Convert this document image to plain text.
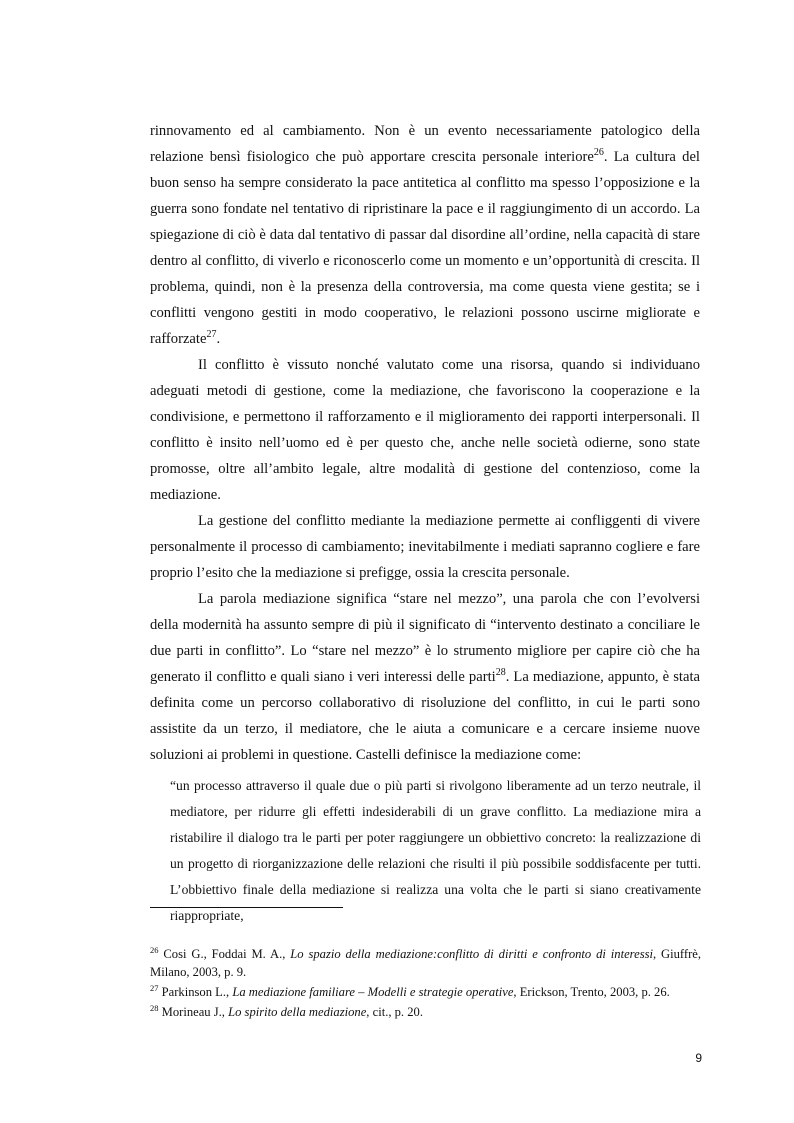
rinnovamento ed al cambiamento. Non è un evento necessariamente patologico della relazione bensì fisiologico che può apportare crescita personale interiore$^{26}$. La cultura del buon senso ha sempre considerato la pace antitetica al conflitto ma spesso l’opposizione e la guerra sono fondate nel tentativo di ripristinare la pace e il raggiungimento di un accordo. La spiegazione di ciò è data dal tentativo di passar dal disordine all’ordine, nella capacità di stare dentro al conflitto, di viverlo e riconoscerlo come un momento e un’opportunità di crescita. Il problema, quindi, non è la presenza della controversia, ma come questa viene gestita; se i conflitti vengono gestiti in modo cooperativo, le relazioni possono uscirne migliorate e rafforzate$^{27}$.

Il conflitto è vissuto nonché valutato come una risorsa, quando si individuano adeguati metodi di gestione, come la mediazione, che favoriscono la cooperazione e la condivisione, e permettono il rafforzamento e il miglioramento dei rapporti interpersonali. Il conflitto è insito nell’uomo ed è per questo che, anche nelle società odierne, sono state promosse, oltre all’ambito legale, altre modalità di gestione del contenzioso, come la mediazione.

La gestione del conflitto mediante la mediazione permette ai confliggenti di vivere personalmente il processo di cambiamento; inevitabilmente i mediati sapranno cogliere e fare proprio l’esito che la mediazione si prefigge, ossia la crescita personale.

La parola mediazione significa “stare nel mezzo”, una parola che con l’evolversi della modernità ha assunto sempre di più il significato di “intervento destinato a conciliare le due parti in conflitto”. Lo “stare nel mezzo” è lo strumento migliore per capire ciò che ha generato il conflitto e quali siano i veri interessi delle parti$^{28}$. La mediazione, appunto, è stata definita come un percorso collaborativo di risoluzione del conflitto, in cui le parti sono assistite da un terzo, il mediatore, che le aiuta a comunicare e a cercare insieme nuove soluzioni ai problemi in questione. Castelli definisce la mediazione come:

“un processo attraverso il quale due o più parti si rivolgono liberamente ad un terzo neutrale, il mediatore, per ridurre gli effetti indesiderabili di un grave conflitto. La mediazione mira a ristabilire il dialogo tra le parti per poter raggiungere un obbiettivo concreto: la realizzazione di un progetto di riorganizzazione delle relazioni che risulti il più possibile soddisfacente per tutti. L’obbiettivo finale della mediazione si realizza una volta che le parti si siano creativamente riappropriate,

$^{26}$ Cosi G., Foddai M. A., Lo spazio della mediazione:conflitto di diritti e confronto di interessi, Giuffrè, Milano, 2003, p. 9.

$^{27}$ Parkinson L., La mediazione familiare – Modelli e strategie operative, Erickson, Trento, 2003, p. 26.

$^{28}$ Morineau J., Lo spirito della mediazione, cit., p. 20.

9
